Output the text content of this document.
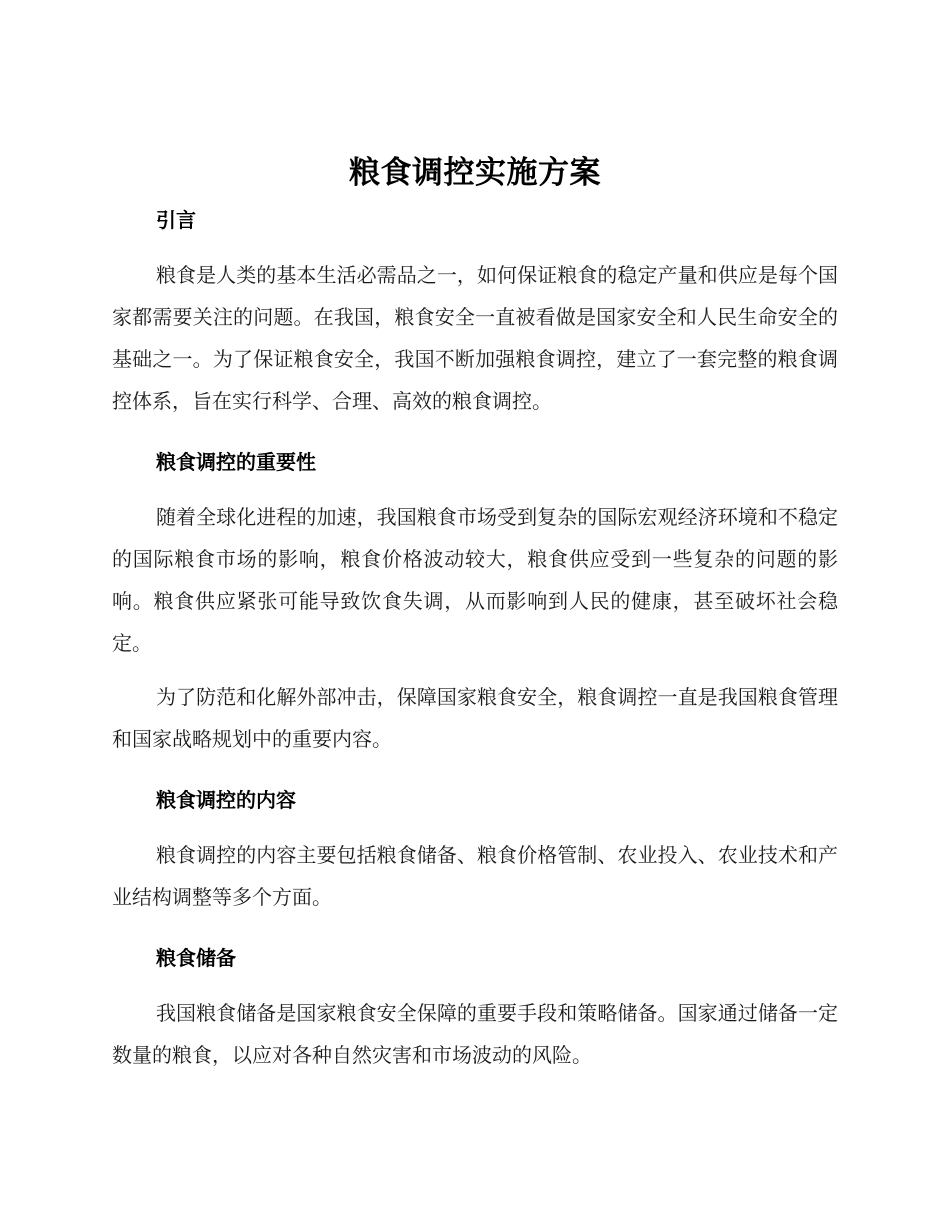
粮食调控实施方案
引言

粮食是人类的基本生活必需品之一，如何保证粮食的稳定产量和供应是每个国家都需要关注的问题。在我国，粮食安全一直被看做是国家安全和人民生命安全的基础之一。为了保证粮食安全，我国不断加强粮食调控，建立了一套完整的粮食调控体系，旨在实行科学、合理、高效的粮食调控。

粮食调控的重要性

随着全球化进程的加速，我国粮食市场受到复杂的国际宏观经济环境和不稳定的国际粮食市场的影响，粮食价格波动较大，粮食供应受到一些复杂的问题的影响。粮食供应紧张可能导致饮食失调，从而影响到人民的健康，甚至破坏社会稳定。

为了防范和化解外部冲击，保障国家粮食安全，粮食调控一直是我国粮食管理和国家战略规划中的重要内容。

粮食调控的内容

粮食调控的内容主要包括粮食储备、粮食价格管制、农业投入、农业技术和产业结构调整等多个方面。

粮食储备

我国粮食储备是国家粮食安全保障的重要手段和策略储备。国家通过储备一定数量的粮食，以应对各种自然灾害和市场波动的风险。
